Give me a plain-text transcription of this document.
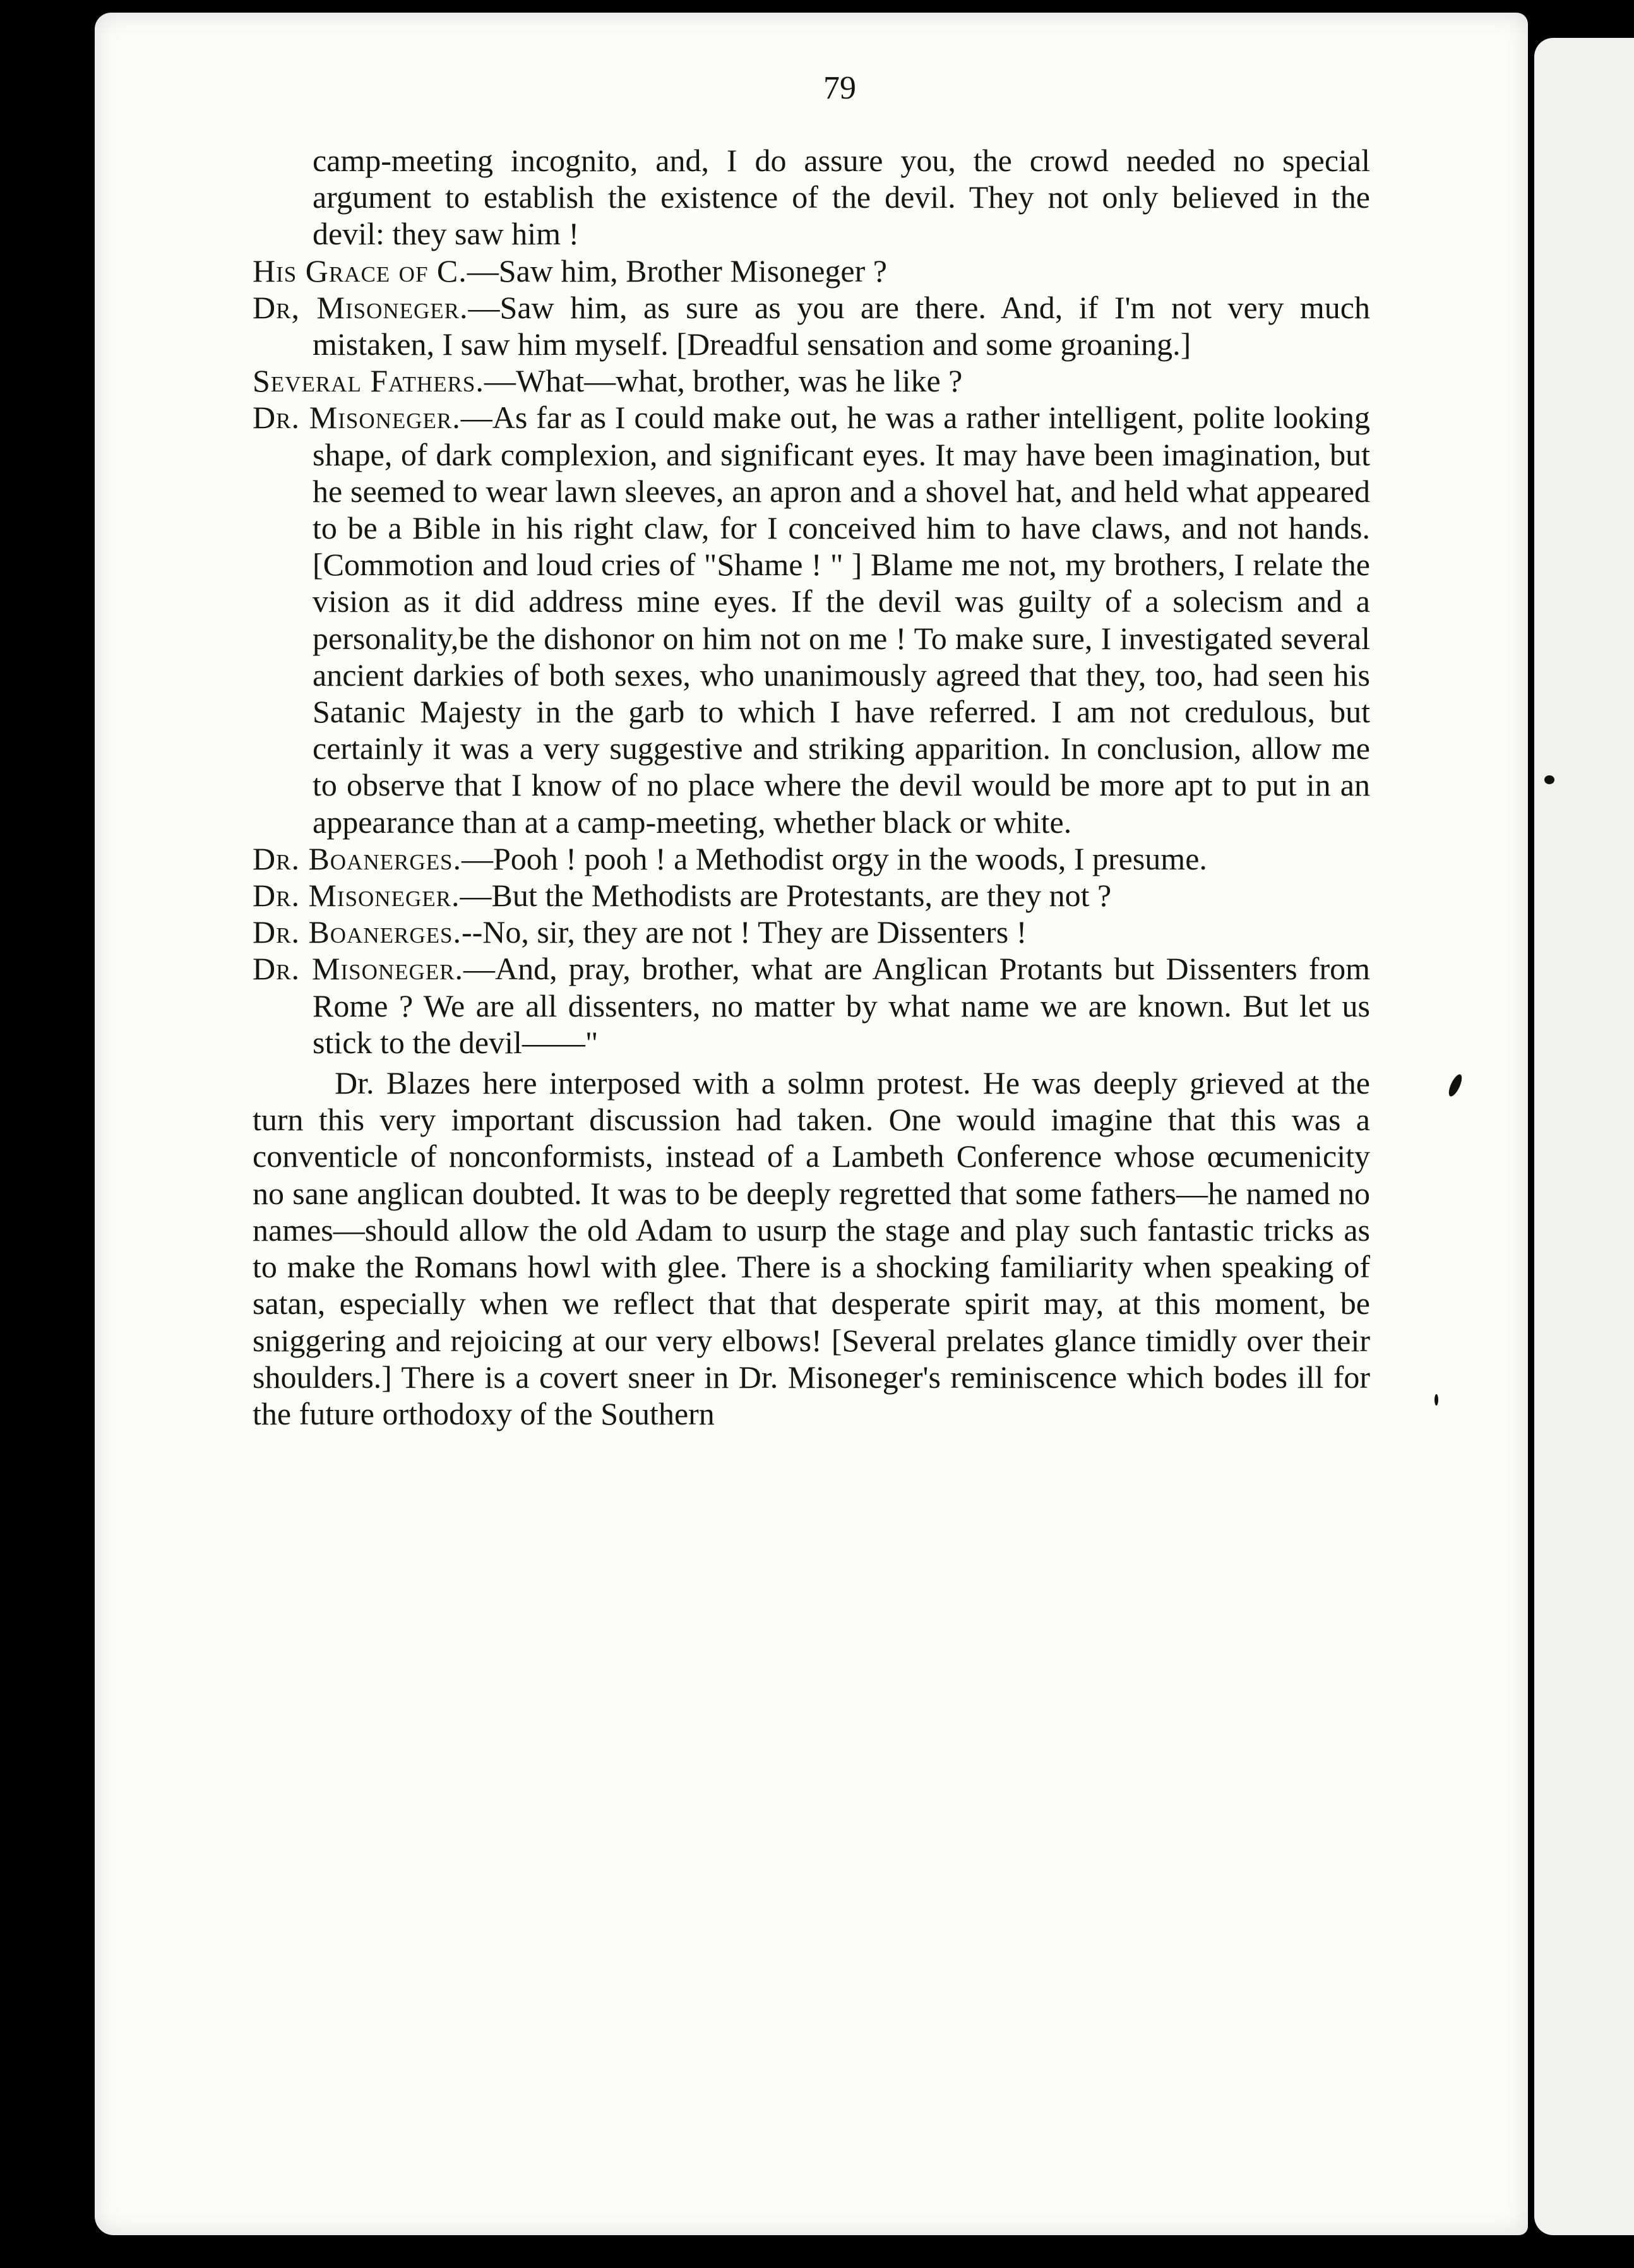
79

camp-meeting incognito, and, I do assure you, the crowd needed no special argument to establish the existence of the devil. They not only believed in the devil: they saw him !

His Grace of C.—Saw him, Brother Misoneger ?

Dr, Misoneger.—Saw him, as sure as you are there. And, if I'm not very much mistaken, I saw him myself. [Dreadful sensation and some groaning.]

Several Fathers.—What—what, brother, was he like ?

Dr. Misoneger.—As far as I could make out, he was a rather intelligent, polite looking shape, of dark complexion, and significant eyes. It may have been imagination, but he seemed to wear lawn sleeves, an apron and a shovel hat, and held what appeared to be a Bible in his right claw, for I conceived him to have claws, and not hands. [Commotion and loud cries of "Shame ! " ] Blame me not, my brothers, I relate the vision as it did address mine eyes. If the devil was guilty of a solecism and a personality,be the dishonor on him not on me ! To make sure, I investigated several ancient darkies of both sexes, who unanimously agreed that they, too, had seen his Satanic Majesty in the garb to which I have referred. I am not credulous, but certainly it was a very suggestive and striking apparition. In conclusion, allow me to observe that I know of no place where the devil would be more apt to put in an appearance than at a camp-meeting, whether black or white.

Dr. Boanerges.—Pooh ! pooh ! a Methodist orgy in the woods, I presume.

Dr. Misoneger.—But the Methodists are Protestants, are they not ?

Dr. Boanerges.--No, sir, they are not ! They are Dissenters !

Dr. Misoneger.—And, pray, brother, what are Anglican Protants but Dissenters from Rome ? We are all dissenters, no matter by what name we are known. But let us stick to the devil——"

Dr. Blazes here interposed with a solmn protest. He was deeply grieved at the turn this very important discussion had taken. One would imagine that this was a conventicle of nonconformists, instead of a Lambeth Conference whose œcumenicity no sane anglican doubted. It was to be deeply regretted that some fathers—he named no names—should allow the old Adam to usurp the stage and play such fantastic tricks as to make the Romans howl with glee. There is a shocking familiarity when speaking of satan, especially when we reflect that that desperate spirit may, at this moment, be sniggering and rejoicing at our very elbows! [Several prelates glance timidly over their shoulders.] There is a covert sneer in Dr. Misoneger's reminiscence which bodes ill for the future orthodoxy of the Southern
